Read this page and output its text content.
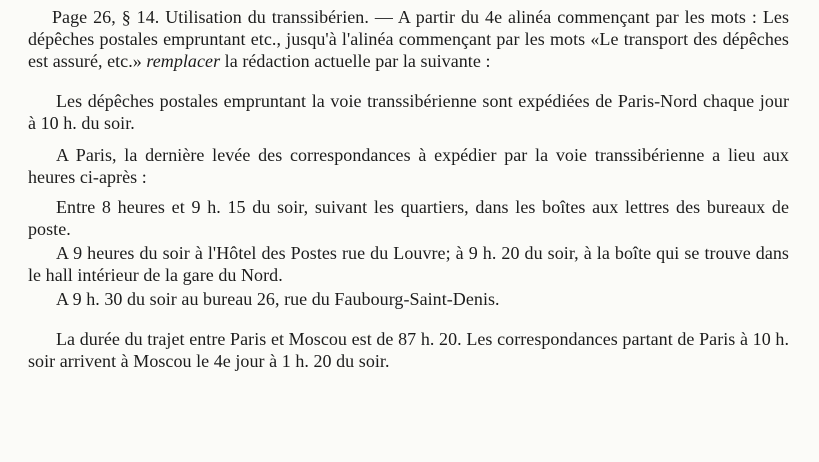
Page 26, § 14. Utilisation du transsibérien. — A partir du 4e alinéa commençant par les mots : Les dépêches postales empruntant etc., jusqu'à l'alinéa commençant par les mots «Le transport des dépêches est assuré, etc.» remplacer la rédaction actuelle par la suivante :

Les dépêches postales empruntant la voie transsibérienne sont expédiées de Paris-Nord chaque jour à 10 h. du soir.

A Paris, la dernière levée des correspondances à expédier par la voie transsibérienne a lieu aux heures ci-après :

Entre 8 heures et 9 h. 15 du soir, suivant les quartiers, dans les boîtes aux lettres des bureaux de poste.

A 9 heures du soir à l'Hôtel des Postes rue du Louvre; à 9 h. 20 du soir, à la boîte qui se trouve dans le hall intérieur de la gare du Nord.

A 9 h. 30 du soir au bureau 26, rue du Faubourg-Saint-Denis.

La durée du trajet entre Paris et Moscou est de 87 h. 20. Les correspondances partant de Paris à 10 h. soir arrivent à Moscou le 4e jour à 1 h. 20 du soir.
